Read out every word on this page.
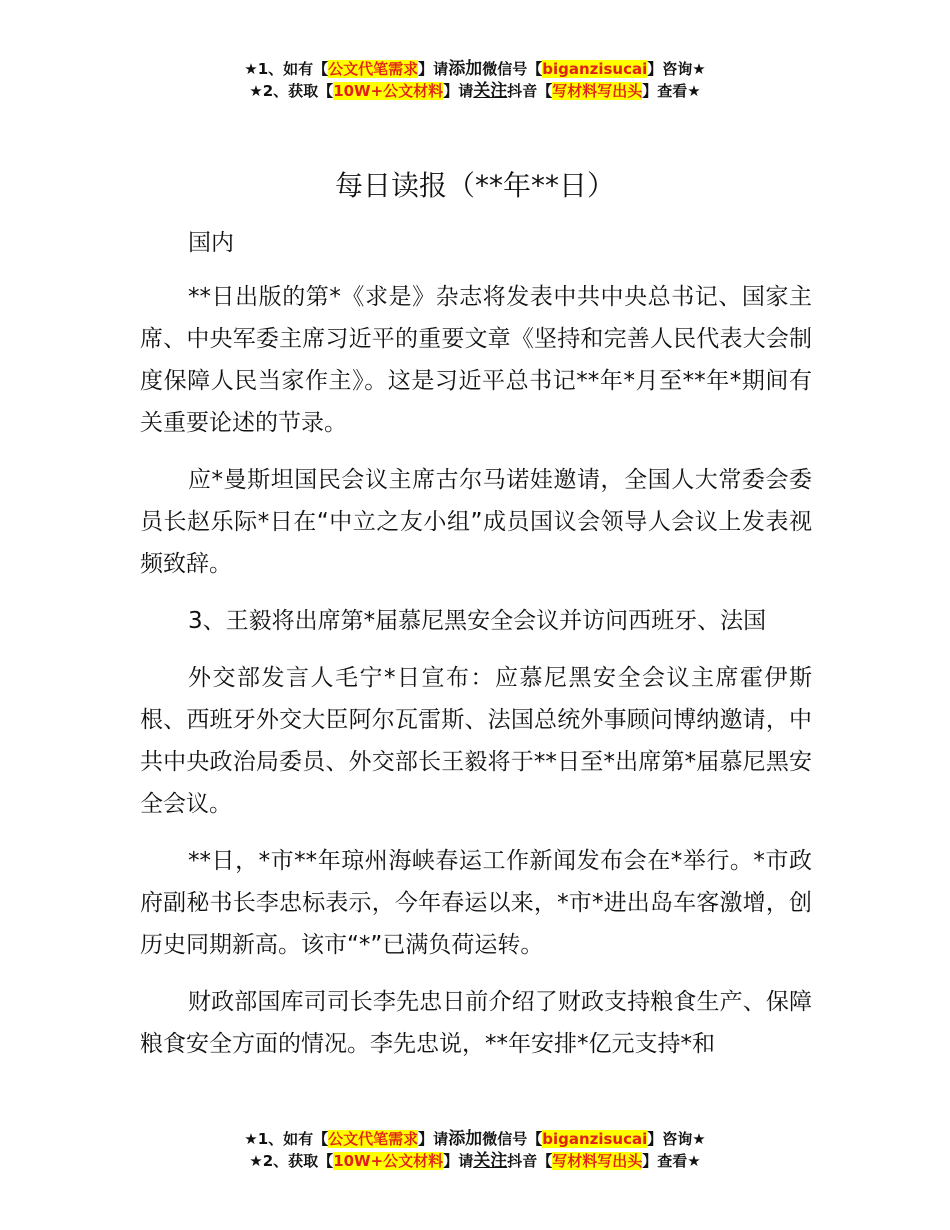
★1、如有【公文代笔需求】请添加微信号【biganzisucai】咨询★
★2、获取【10W+公文材料】请关注抖音【写材料写出头】查看★
每日读报（**年**日）

国内

**日出版的第*《求是》杂志将发表中共中央总书记、国家主席、中央军委主席习近平的重要文章《坚持和完善人民代表大会制度保障人民当家作主》。这是习近平总书记**年*月至**年*期间有关重要论述的节录。

应*曼斯坦国民会议主席古尔马诺娃邀请，全国人大常委会委员长赵乐际*日在“中立之友小组”成员国议会领导人会议上发表视频致辞。

3、王毅将出席第*届慕尼黑安全会议并访问西班牙、法国

外交部发言人毛宁*日宣布：应慕尼黑安全会议主席霍伊斯根、西班牙外交大臣阿尔瓦雷斯、法国总统外事顾问博纳邀请，中共中央政治局委员、外交部长王毅将于**日至*出席第*届慕尼黑安全会议。

**日，*市**年琼州海峡春运工作新闻发布会在*举行。*市政府副秘书长李忠标表示，今年春运以来，*市*进出岛车客激增，创历史同期新高。该市“*”已满负荷运转。

财政部国库司司长李先忠日前介绍了财政支持粮食生产、保障粮食安全方面的情况。李先忠说，**年安排*亿元支持*和

★1、如有【公文代笔需求】请添加微信号【biganzisucai】咨询★
★2、获取【10W+公文材料】请关注抖音【写材料写出头】查看★
